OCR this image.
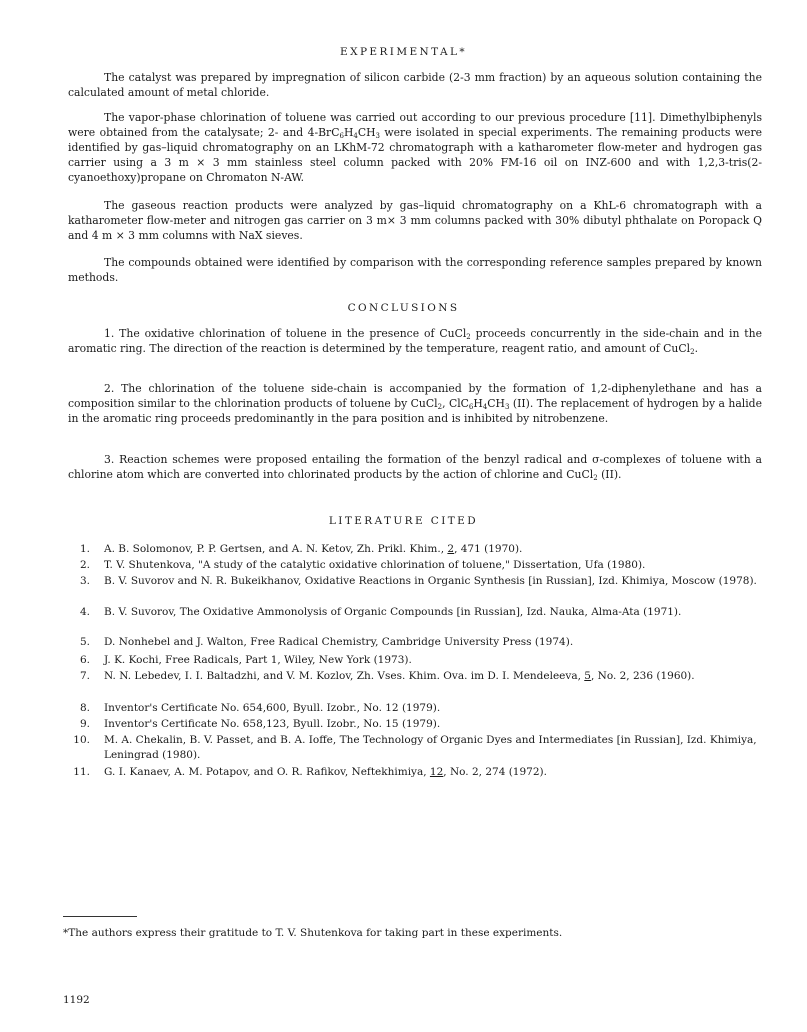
EXPERIMENTAL*
The catalyst was prepared by impregnation of silicon carbide (2-3 mm fraction) by an aqueous solution containing the calculated amount of metal chloride.
The vapor-phase chlorination of toluene was carried out according to our previous procedure [11]. Dimethylbiphenyls were obtained from the catalysate; 2- and $4-BrC_6H_4CH_3$ were isolated in special experiments. The remaining products were identified by gas–liquid chromatography on an LKhM-72 chromatograph with a katharometer flow-meter and hydrogen gas carrier using a 3 m × 3 mm stainless steel column packed with 20% FM-16 oil on INZ-600 and with 1,2,3-tris(2-cyanoethoxy)propane on Chromaton N-AW.
The gaseous reaction products were analyzed by gas–liquid chromatography on a KhL-6 chromatograph with a katharometer flow-meter and nitrogen gas carrier on 3 m× 3 mm columns packed with 30% dibutyl phthalate on Poropack Q and 4 m × 3 mm columns with NaX sieves.
The compounds obtained were identified by comparison with the corresponding reference samples prepared by known methods.
CONCLUSIONS
1. The oxidative chlorination of toluene in the presence of CuCl$_2$ proceeds concurrently in the side-chain and in the aromatic ring. The direction of the reaction is determined by the temperature, reagent ratio, and amount of CuCl$_2$.
2. The chlorination of the toluene side-chain is accompanied by the formation of 1,2-diphenylethane and has a composition similar to the chlorination products of toluene by CuCl$_2$, $ClC_6H_4CH_3$ (II). The replacement of hydrogen by a halide in the aromatic ring proceeds predominantly in the para position and is inhibited by nitrobenzene.
3. Reaction schemes were proposed entailing the formation of the benzyl radical and σ-complexes of toluene with a chlorine atom which are converted into chlorinated products by the action of chlorine and CuCl$_2$ (II).
LITERATURE CITED
1. A. B. Solomonov, P. P. Gertsen, and A. N. Ketov, Zh. Prikl. Khim., 2, 471 (1970).
2. T. V. Shutenkova, "A study of the catalytic oxidative chlorination of toluene," Dissertation, Ufa (1980).
3. B. V. Suvorov and N. R. Bukeikhanov, Oxidative Reactions in Organic Synthesis [in Russian], Izd. Khimiya, Moscow (1978).
4. B. V. Suvorov, The Oxidative Ammonolysis of Organic Compounds [in Russian], Izd. Nauka, Alma-Ata (1971).
5. D. Nonhebel and J. Walton, Free Radical Chemistry, Cambridge University Press (1974).
6. J. K. Kochi, Free Radicals, Part 1, Wiley, New York (1973).
7. N. N. Lebedev, I. I. Baltadzhi, and V. M. Kozlov, Zh. Vses. Khim. Ova. im D. I. Mendeleeva, 5, No. 2, 236 (1960).
8. Inventor's Certificate No. 654,600, Byull. Izobr., No. 12 (1979).
9. Inventor's Certificate No. 658,123, Byull. Izobr., No. 15 (1979).
10. M. A. Chekalin, B. V. Passet, and B. A. Ioffe, The Technology of Organic Dyes and Intermediates [in Russian], Izd. Khimiya, Leningrad (1980).
11. G. I. Kanaev, A. M. Potapov, and O. R. Rafikov, Neftekhimiya, 12, No. 2, 274 (1972).
*The authors express their gratitude to T. V. Shutenkova for taking part in these experiments.
1192
